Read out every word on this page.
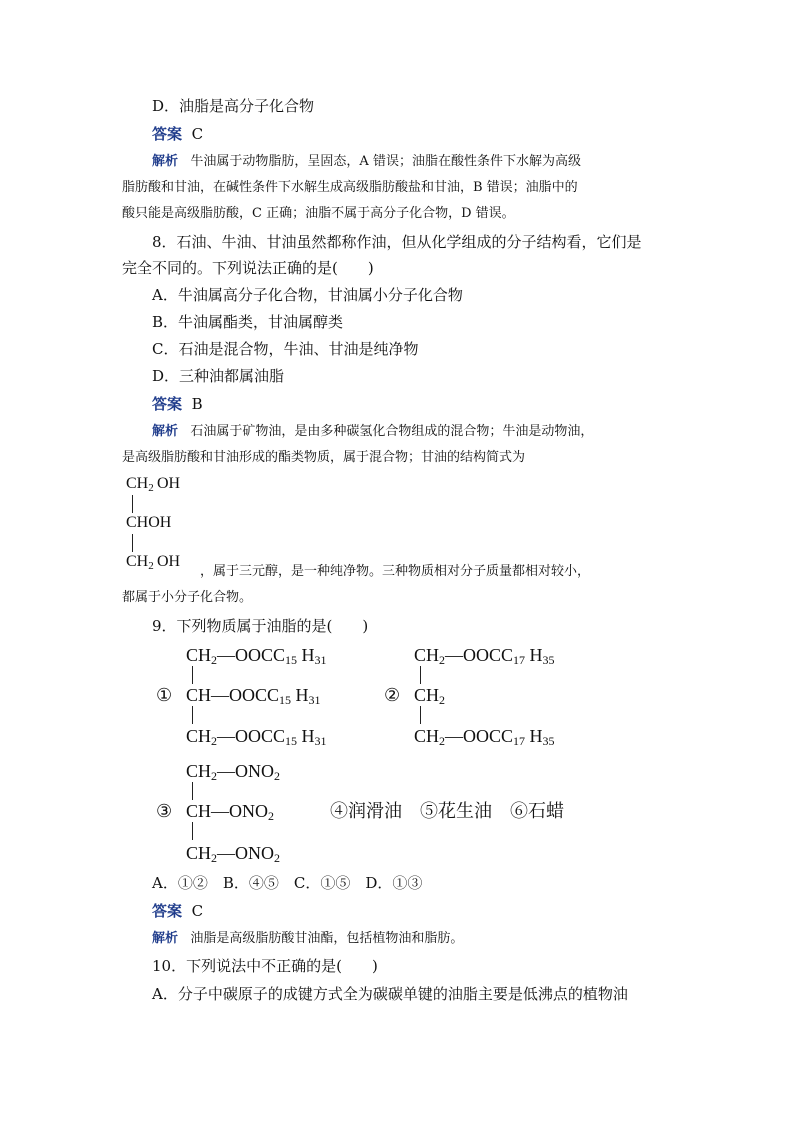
D．油脂是高分子化合物
答案 C
解析 牛油属于动物脂肪，呈固态，A 错误；油脂在酸性条件下水解为高级
脂肪酸和甘油，在碱性条件下水解生成高级脂肪酸盐和甘油，B 错误；油脂中的
酸只能是高级脂肪酸，C 正确；油脂不属于高分子化合物，D 错误。
8．石油、牛油、甘油虽然都称作油，但从化学组成的分子结构看，它们是
完全不同的。下列说法正确的是(　　)
A．牛油属高分子化合物，甘油属小分子化合物
B．牛油属酯类，甘油属醇类
C．石油是混合物，牛油、甘油是纯净物
D．三种油都属油脂
答案 B
解析 石油属于矿物油，是由多种碳氢化合物组成的混合物；牛油是动物油，
是高级脂肪酸和甘油形成的酯类物质，属于混合物；甘油的结构简式为
$CH_2$  OH
CHOH
$CH_2$  OH
，属于三元醇，是一种纯净物。三种物质相对分子质量都相对较小，
都属于小分子化合物。
9．下列物质属于油脂的是(　　)
$CH_2—OOCC_{15}$ $H_{31}$
① $CH—OOCC_{15}$ $H_{31}$
$CH_2—OOCC_{15}$ $H_{31}$
$CH_2—OOCC_{17}$ $H_{35}$
② $CH_2$
$CH_2—OOCC_{17}$ $H_{35}$
$CH_2—ONO_2$
③ $CH—ONO_2$
$CH_2—ONO_2$
④润滑油　⑤花生油　⑥石蜡
A．①②　B．④⑤　C．①⑤　D．①③
答案 C
解析 油脂是高级脂肪酸甘油酯，包括植物油和脂肪。
10．下列说法中不正确的是(　　)
A．分子中碳原子的成键方式全为碳碳单键的油脂主要是低沸点的植物油
